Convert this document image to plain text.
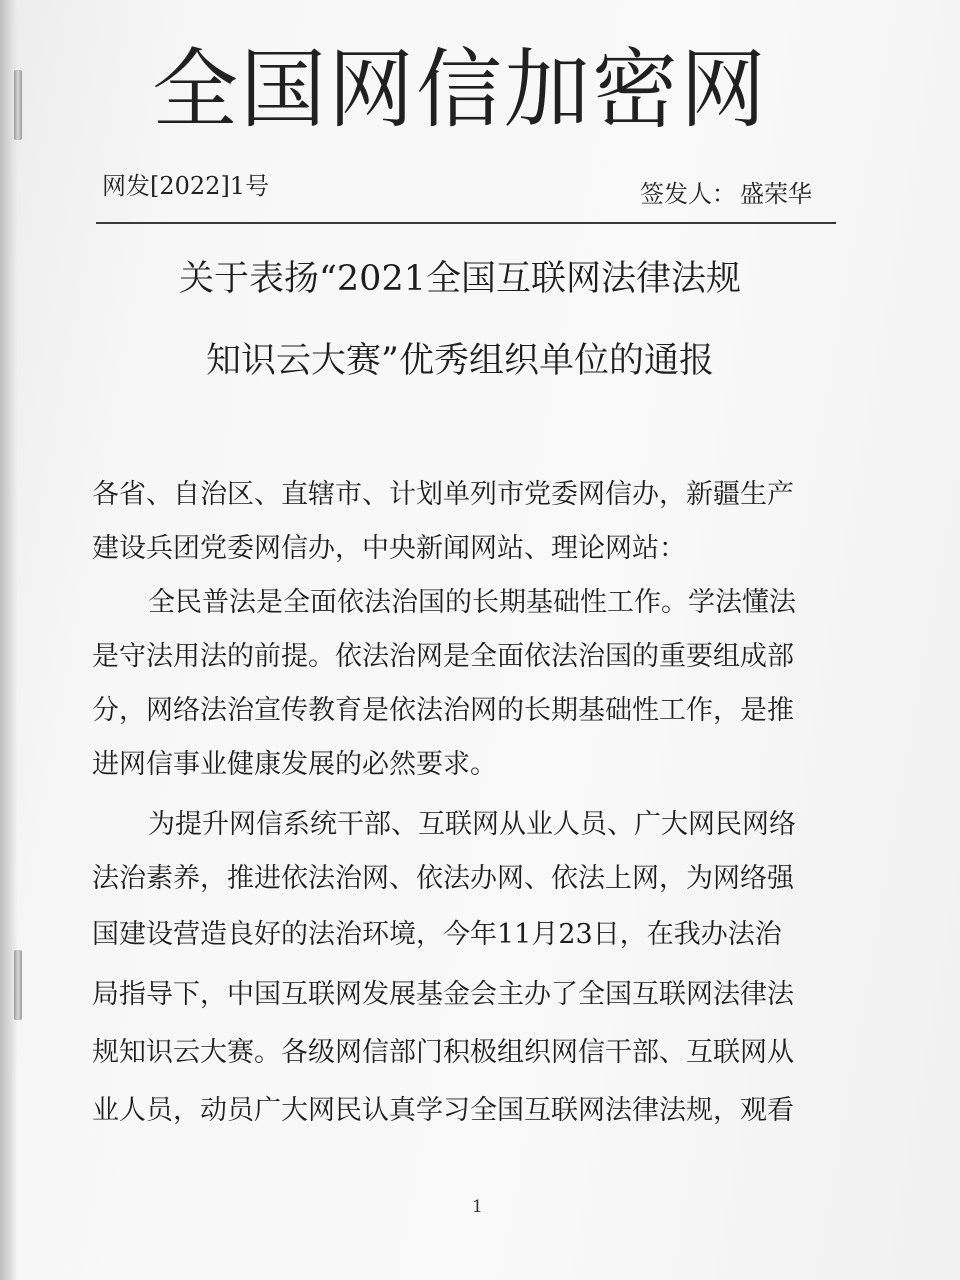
全国网信加密网
网发[2022]1号	签发人： 盛荣华
关于表扬“2021全国互联网法律法规
知识云大赛”优秀组织单位的通报
各省、自治区、直辖市、计划单列市党委网信办，新疆生产
建设兵团党委网信办，中央新闻网站、理论网站：
全民普法是全面依法治国的长期基础性工作。学法懂法
是守法用法的前提。依法治网是全面依法治国的重要组成部
分，网络法治宣传教育是依法治网的长期基础性工作，是推
进网信事业健康发展的必然要求。
为提升网信系统干部、互联网从业人员、广大网民网络
法治素养，推进依法治网、依法办网、依法上网，为网络强
国建设营造良好的法治环境，今年11月23日，在我办法治
局指导下，中国互联网发展基金会主办了全国互联网法律法
规知识云大赛。各级网信部门积极组织网信干部、互联网从
业人员，动员广大网民认真学习全国互联网法律法规，观看
1
